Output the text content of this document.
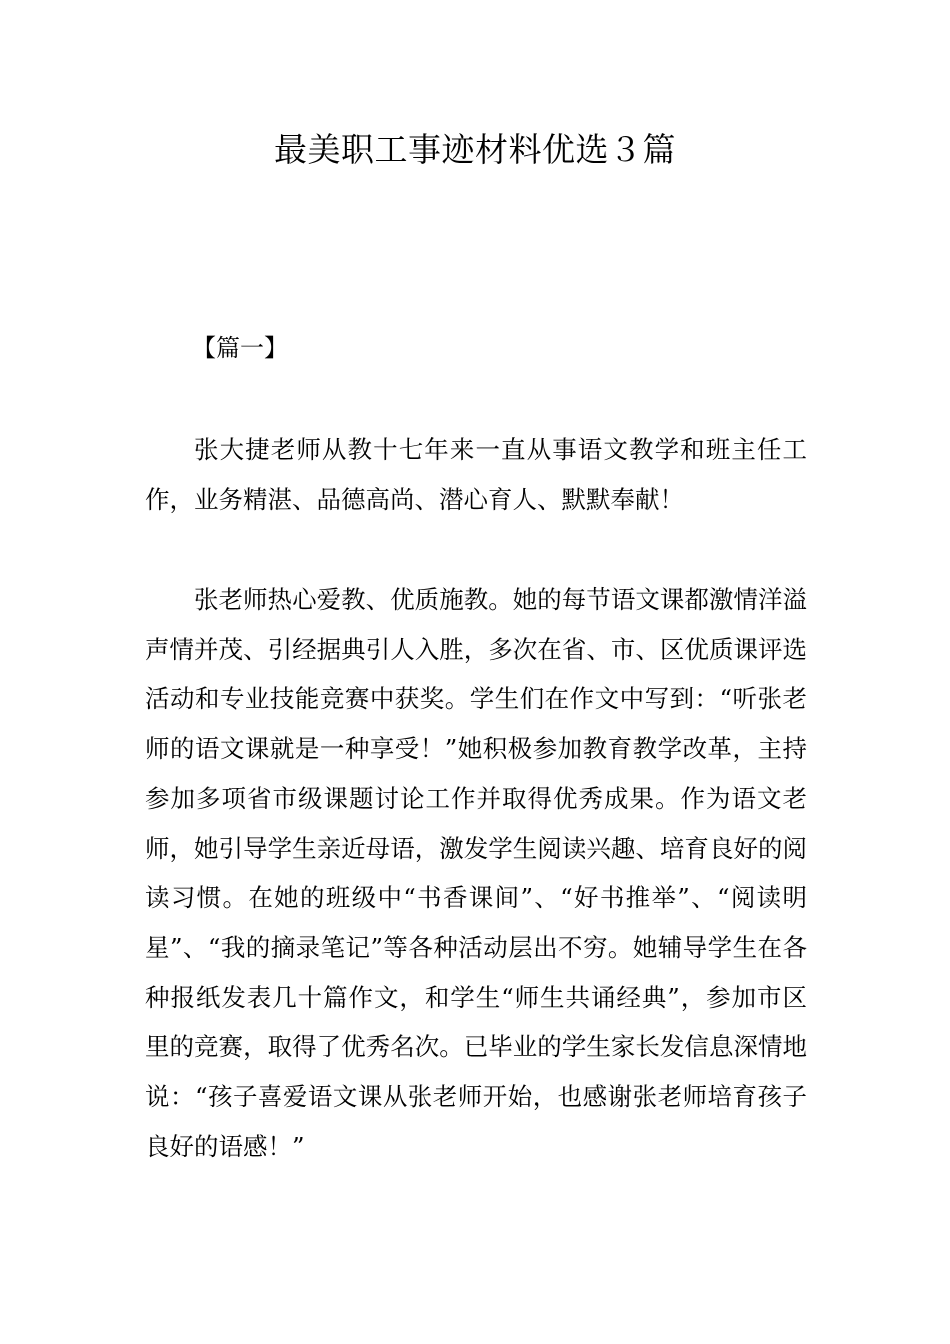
最美职工事迹材料优选３篇

【篇一】

张大捷老师从教十七年来一直从事语文教学和班主任工作，业务精湛、品德高尚、潜心育人、默默奉献！

张老师热心爱教、优质施教。她的每节语文课都激情洋溢声情并茂、引经据典引人入胜，多次在省、市、区优质课评选活动和专业技能竞赛中获奖。学生们在作文中写到：“听张老师的语文课就是一种享受！”她积极参加教育教学改革，主持参加多项省市级课题讨论工作并取得优秀成果。作为语文老师，她引导学生亲近母语，激发学生阅读兴趣、培育良好的阅读习惯。在她的班级中“书香课间”、“好书推举”、“阅读明星”、“我的摘录笔记”等各种活动层出不穷。她辅导学生在各种报纸发表几十篇作文，和学生“师生共诵经典”，参加市区里的竞赛，取得了优秀名次。已毕业的学生家长发信息深情地说：“孩子喜爱语文课从张老师开始，也感谢张老师培育孩子良好的语感！”
